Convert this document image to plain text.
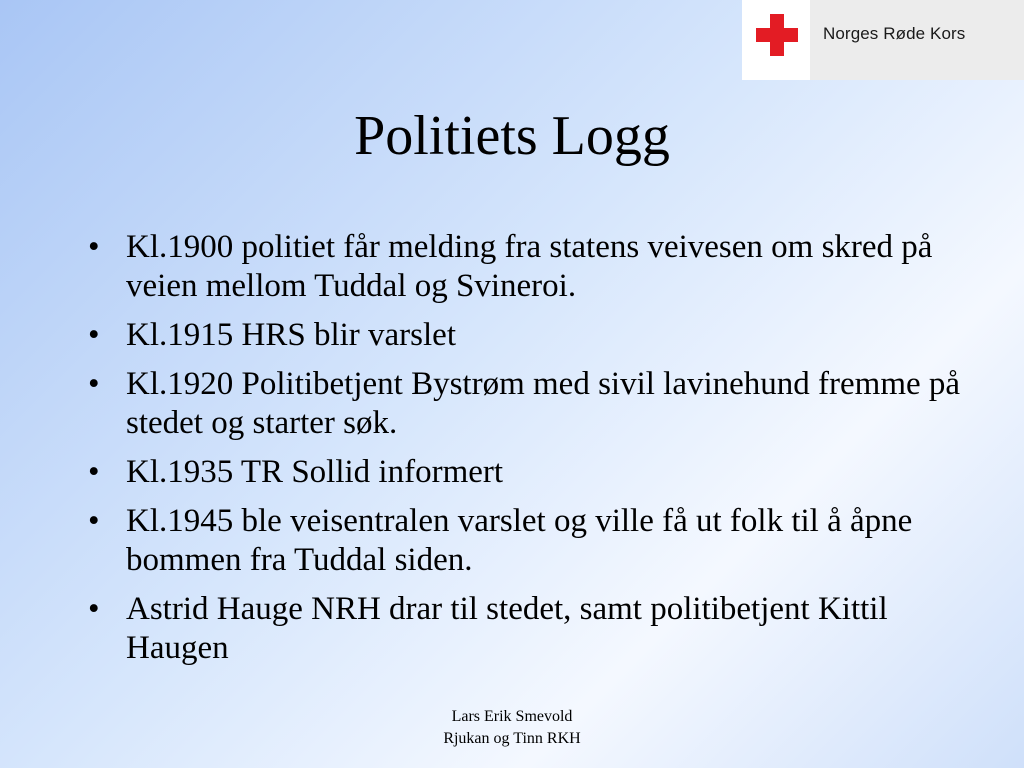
Norges Røde Kors
Politiets Logg
• Kl.1900 politiet får melding fra statens veivesen om skred på veien mellom Tuddal og Svineroi.
• Kl.1915 HRS blir varslet
• Kl.1920 Politibetjent Bystrøm med sivil lavinehund fremme på stedet og starter søk.
• Kl.1935 TR Sollid informert
• Kl.1945 ble veisentralen varslet og ville få ut folk til å åpne bommen fra Tuddal siden.
• Astrid Hauge NRH drar til stedet, samt politibetjent Kittil Haugen
Lars Erik Smevold
Rjukan og Tinn RKH
